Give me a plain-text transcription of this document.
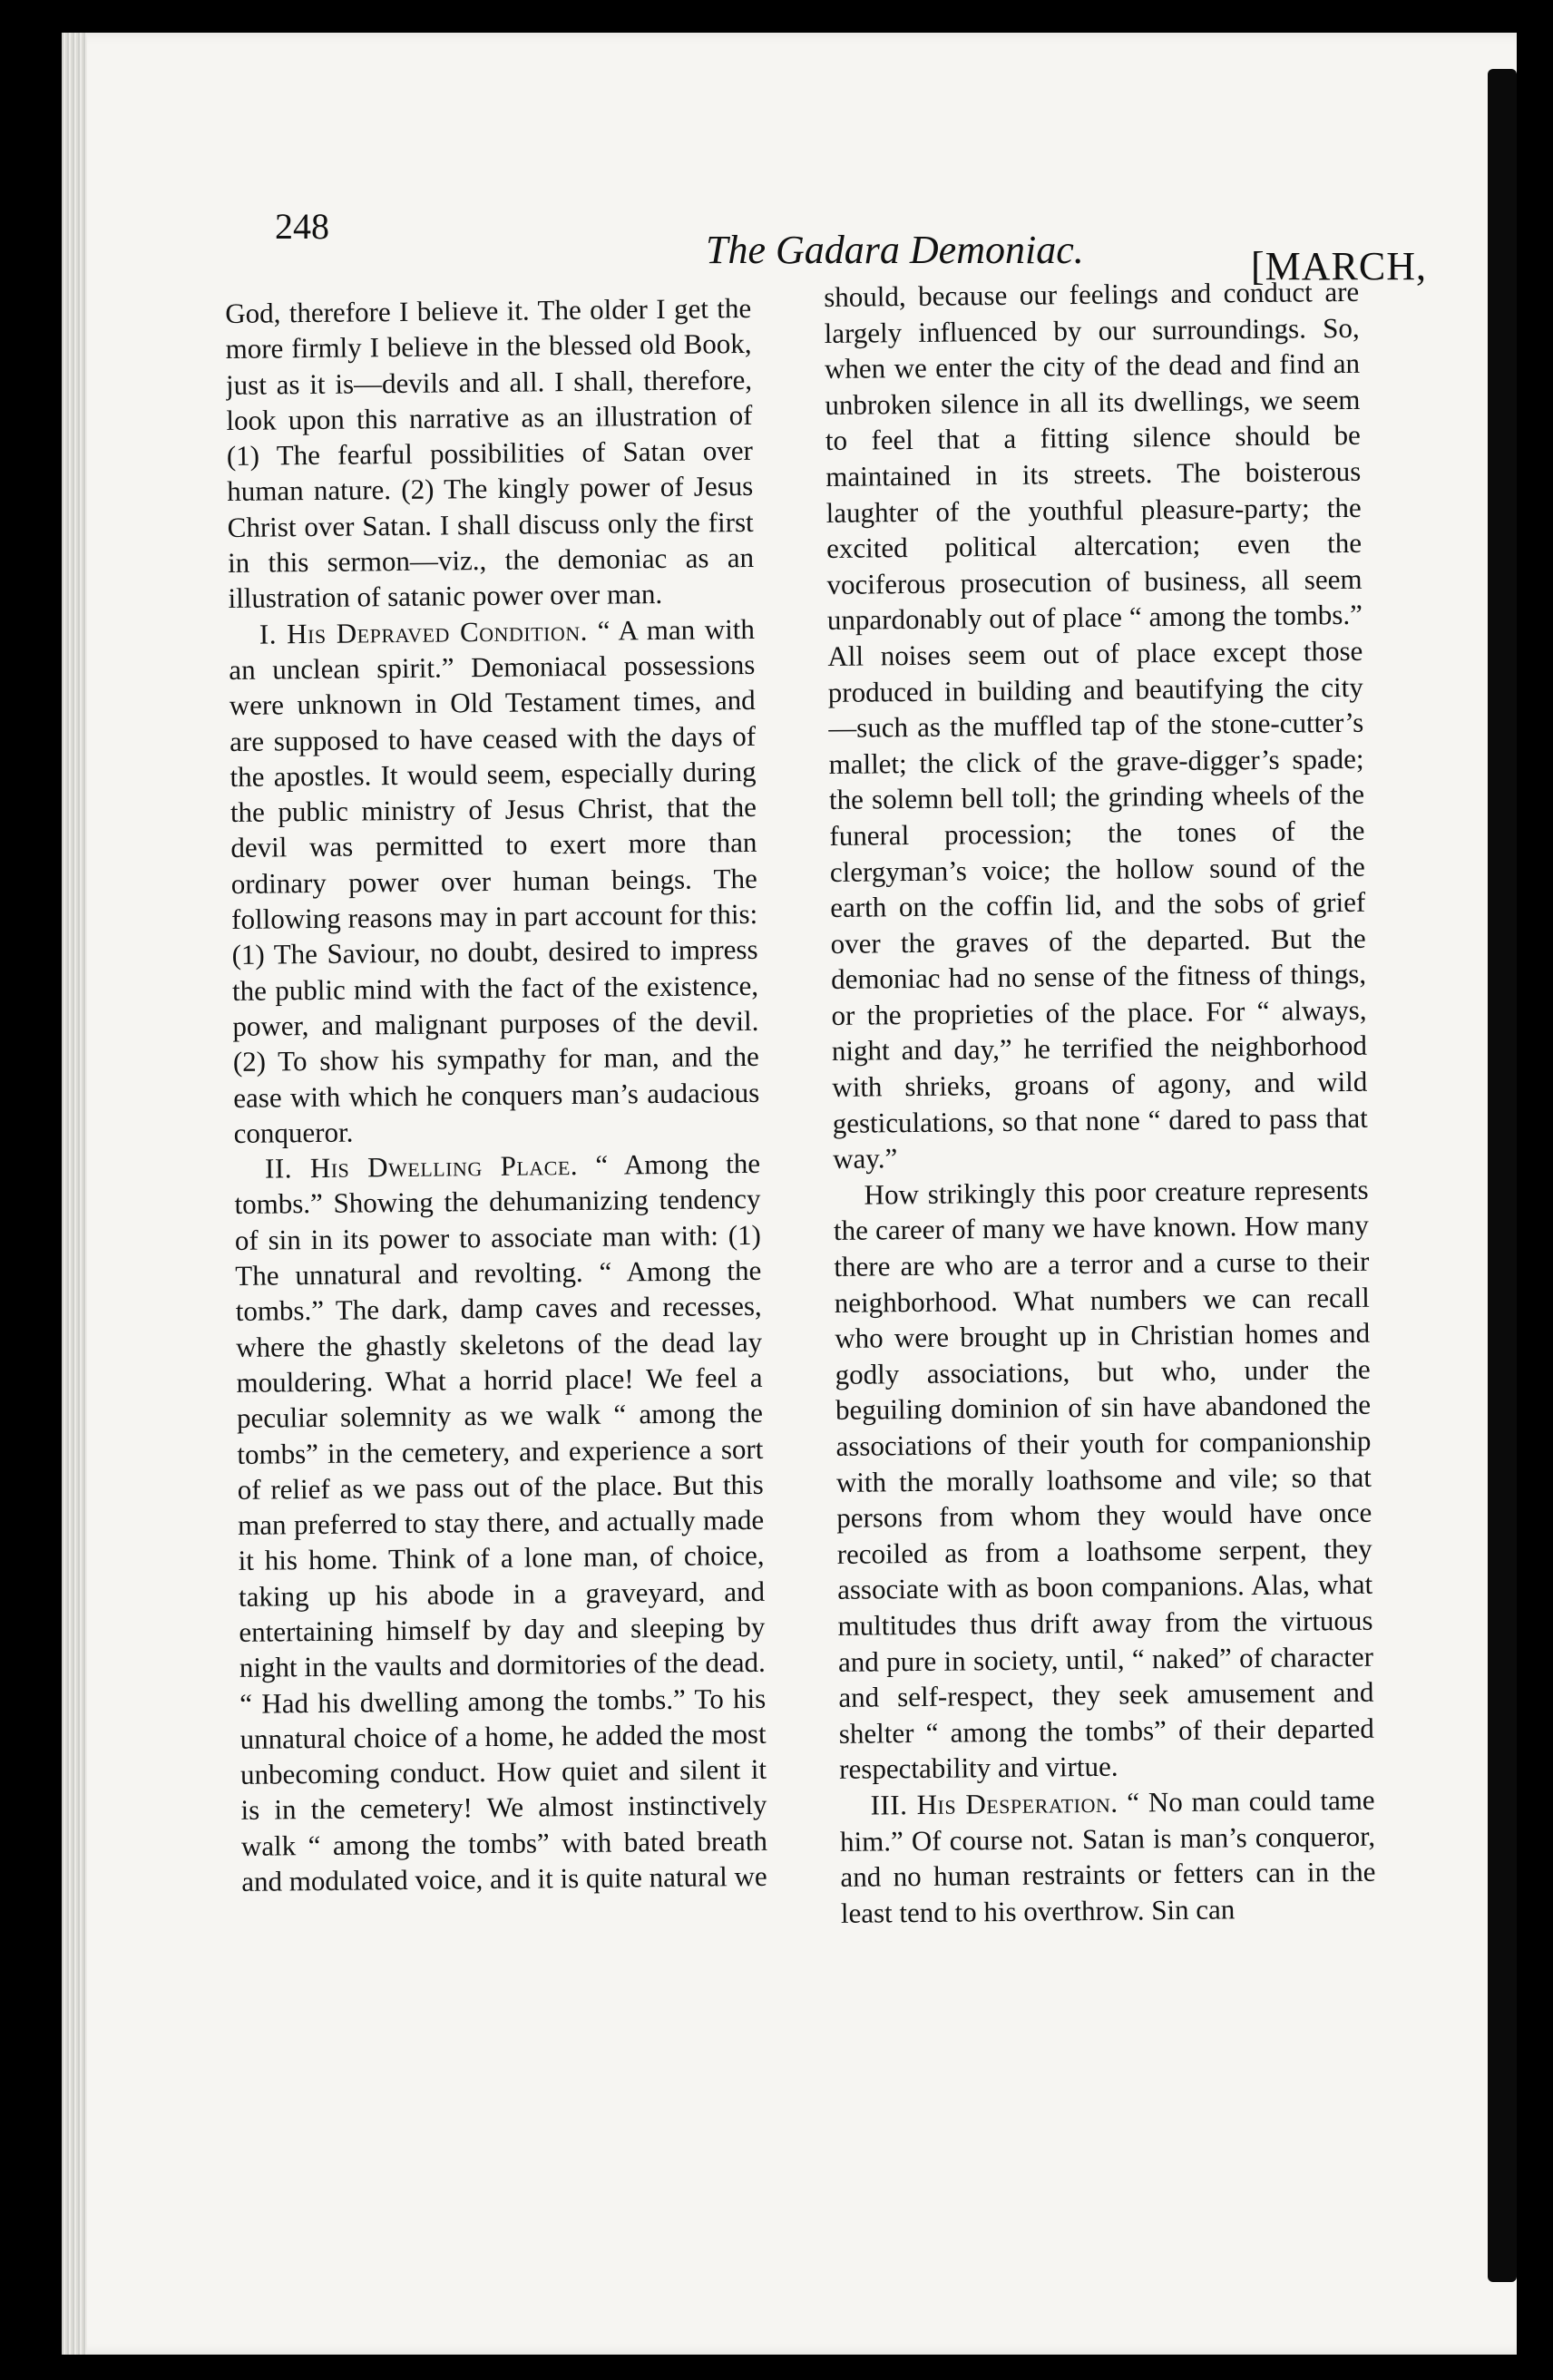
248
The Gadara Demoniac.	[MARCH,

God, therefore I believe it. The older I get the more firmly I believe in the blessed old Book, just as it is—devils and all. I shall, therefore, look upon this narrative as an illustration of (1) The fearful possibilities of Satan over human nature. (2) The kingly power of Jesus Christ over Satan. I shall discuss only the first in this sermon—viz., the demoniac as an illustration of satanic power over man.

I. His Depraved Condition. “ A man with an unclean spirit.” Demoniacal possessions were unknown in Old Testament times, and are supposed to have ceased with the days of the apostles. It would seem, especially during the public ministry of Jesus Christ, that the devil was permitted to exert more than ordinary power over human beings. The following reasons may in part account for this: (1) The Saviour, no doubt, desired to impress the public mind with the fact of the existence, power, and malignant purposes of the devil. (2) To show his sympathy for man, and the ease with which he conquers man’s audacious conqueror.

II. His Dwelling Place. “ Among the tombs.” Showing the dehumanizing tendency of sin in its power to associate man with: (1) The unnatural and revolting. “ Among the tombs.” The dark, damp caves and recesses, where the ghastly skeletons of the dead lay mouldering. What a horrid place! We feel a peculiar solemnity as we walk “ among the tombs” in the cemetery, and experience a sort of relief as we pass out of the place. But this man preferred to stay there, and actually made it his home. Think of a lone man, of choice, taking up his abode in a graveyard, and entertaining himself by day and sleeping by night in the vaults and dormitories of the dead. “ Had his dwelling among the tombs.” To his unnatural choice of a home, he added the most unbecoming conduct. How quiet and silent it is in the cemetery! We almost instinctively walk “ among the tombs” with bated breath and modulated voice, and it is quite natural we

should, because our feelings and conduct are largely influenced by our surroundings. So, when we enter the city of the dead and find an unbroken silence in all its dwellings, we seem to feel that a fitting silence should be maintained in its streets. The boisterous laughter of the youthful pleasure-party; the excited political altercation; even the vociferous prosecution of business, all seem unpardonably out of place “ among the tombs.” All noises seem out of place except those produced in building and beautifying the city—such as the muffled tap of the stone-cutter’s mallet; the click of the grave-digger’s spade; the solemn bell toll; the grinding wheels of the funeral procession; the tones of the clergyman’s voice; the hollow sound of the earth on the coffin lid, and the sobs of grief over the graves of the departed. But the demoniac had no sense of the fitness of things, or the proprieties of the place. For “ always, night and day,” he terrified the neighborhood with shrieks, groans of agony, and wild gesticulations, so that none “ dared to pass that way.”

How strikingly this poor creature represents the career of many we have known. How many there are who are a terror and a curse to their neighborhood. What numbers we can recall who were brought up in Christian homes and godly associations, but who, under the beguiling dominion of sin have abandoned the associations of their youth for companionship with the morally loathsome and vile; so that persons from whom they would have once recoiled as from a loathsome serpent, they associate with as boon companions. Alas, what multitudes thus drift away from the virtuous and pure in society, until, “ naked” of character and self-respect, they seek amusement and shelter “ among the tombs” of their departed respectability and virtue.

III. His Desperation. “ No man could tame him.” Of course not. Satan is man’s conqueror, and no human restraints or fetters can in the least tend to his overthrow. Sin can
